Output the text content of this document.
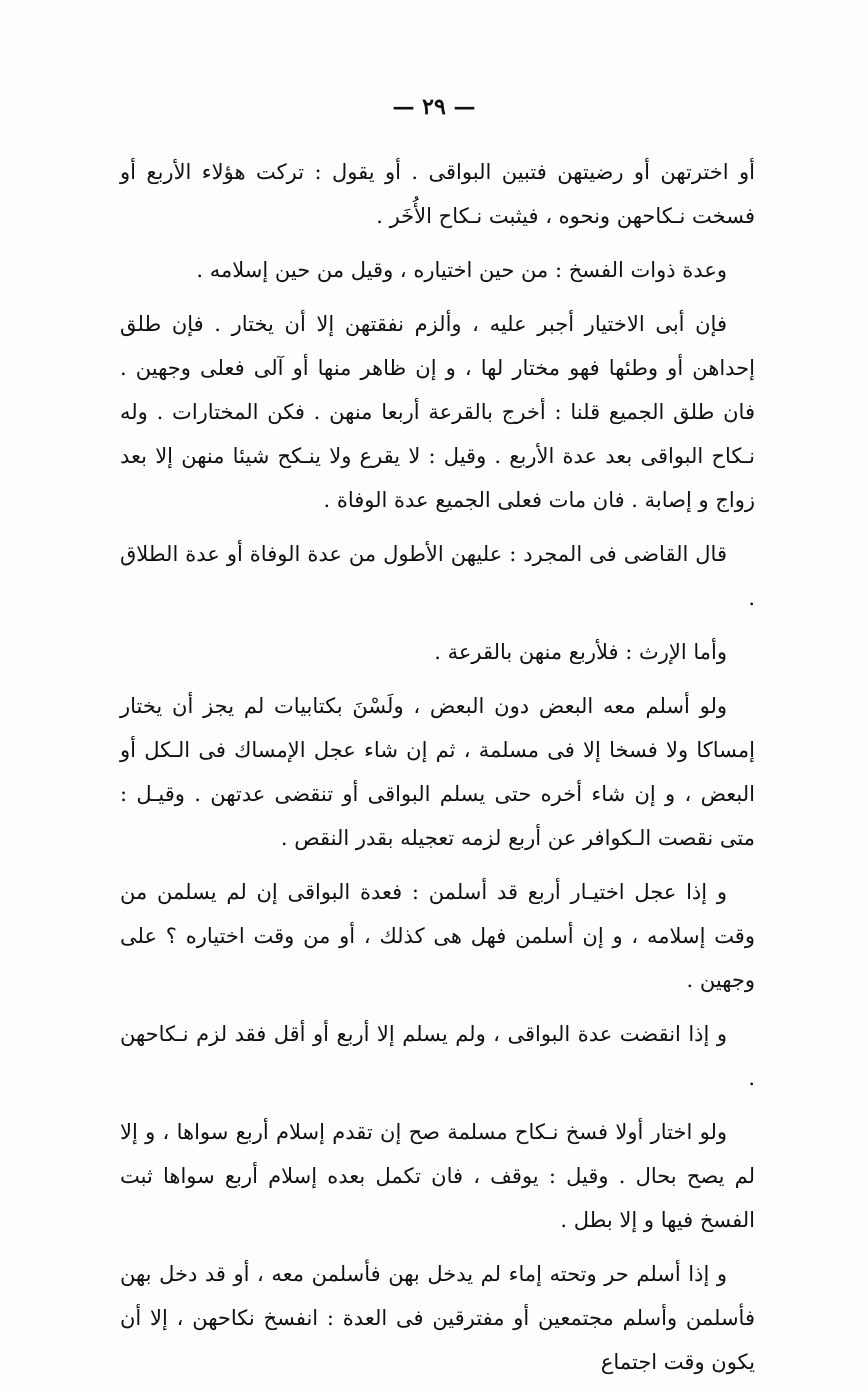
— ٢٩ —

أو اخترتهن أو رضيتهن فتبين البواقى . أو يقول : تركت هؤلاء الأربع أو فسخت نـكاحهن ونحوه ، فيثبت نـكاح الأُخَر .

وعدة ذوات الفسخ : من حين اختياره ، وقيل من حين إسلامه .

فإن أبى الاختيار أجبر عليه ، وألزم نفقتهن إلا أن يختار . فإن طلق إحداهن أو وطئها فهو مختار لها ، و إن ظاهر منها أو آلى فعلى وجهين . فان طلق الجميع قلنا : أخرج بالقرعة أربعا منهن . فكن المختارات . وله نـكاح البواقى بعد عدة الأربع . وقيل : لا يقرع ولا ينـكح شيئا منهن إلا بعد زواج و إصابة . فان مات فعلى الجميع عدة الوفاة .

قال القاضى فى المجرد : عليهن الأطول من عدة الوفاة أو عدة الطلاق .

وأما الإرث : فلأربع منهن بالقرعة .

ولو أسلم معه البعض دون البعض ، ولَسْنَ بكتابيات لم يجز أن يختار إمساكا ولا فسخا إلا فى مسلمة ، ثم إن شاء عجل الإمساك فى الـكل أو البعض ، و إن شاء أخره حتى يسلم البواقى أو تنقضى عدتهن . وقيـل : متى نقصت الـكوافر عن أربع لزمه تعجيله بقدر النقص .

و إذا عجل اختيـار أربع قد أسلمن : فعدة البواقى إن لم يسلمن من وقت إسلامه ، و إن أسلمن فهل هى كذلك ، أو من وقت اختياره ؟ على وجهين .

و إذا انقضت عدة البواقى ، ولم يسلم إلا أربع أو أقل فقد لزم نـكاحهن .

ولو اختار أولا فسخ نـكاح مسلمة صح إن تقدم إسلام أربع سواها ، و إلا لم يصح بحال . وقيل : يوقف ، فان تكمل بعده إسلام أربع سواها ثبت الفسخ فيها و إلا بطل .

و إذا أسلم حر وتحته إماء لم يدخل بهن فأسلمن معه ، أو قد دخل بهن فأسلمن وأسلم مجتمعين أو مفترقين فى العدة : انفسخ نكاحهن ، إلا أن يكون وقت اجتماع
